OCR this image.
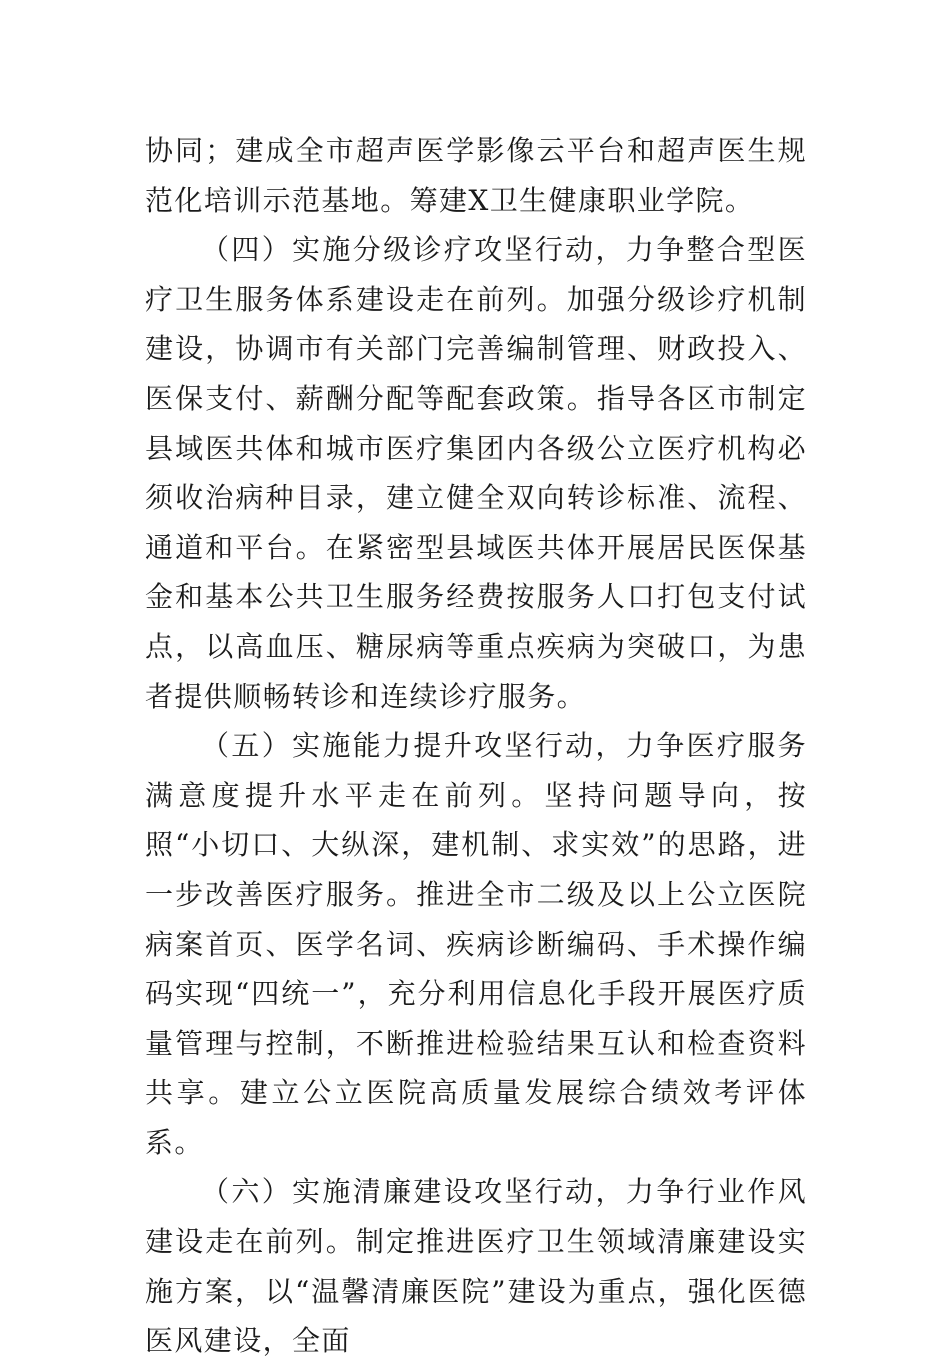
协同；建成全市超声医学影像云平台和超声医生规范化培训示范基地。筹建X卫生健康职业学院。

（四）实施分级诊疗攻坚行动，力争整合型医疗卫生服务体系建设走在前列。加强分级诊疗机制建设，协调市有关部门完善编制管理、财政投入、医保支付、薪酬分配等配套政策。指导各区市制定县域医共体和城市医疗集团内各级公立医疗机构必须收治病种目录，建立健全双向转诊标准、流程、通道和平台。在紧密型县域医共体开展居民医保基金和基本公共卫生服务经费按服务人口打包支付试点，以高血压、糖尿病等重点疾病为突破口，为患者提供顺畅转诊和连续诊疗服务。

（五）实施能力提升攻坚行动，力争医疗服务满意度提升水平走在前列。坚持问题导向，按照“小切口、大纵深，建机制、求实效”的思路，进一步改善医疗服务。推进全市二级及以上公立医院病案首页、医学名词、疾病诊断编码、手术操作编码实现“四统一”，充分利用信息化手段开展医疗质量管理与控制，不断推进检验结果互认和检查资料共享。建立公立医院高质量发展综合绩效考评体系。

（六）实施清廉建设攻坚行动，力争行业作风建设走在前列。制定推进医疗卫生领域清廉建设实施方案，以“温馨清廉医院”建设为重点，强化医德医风建设，全面
